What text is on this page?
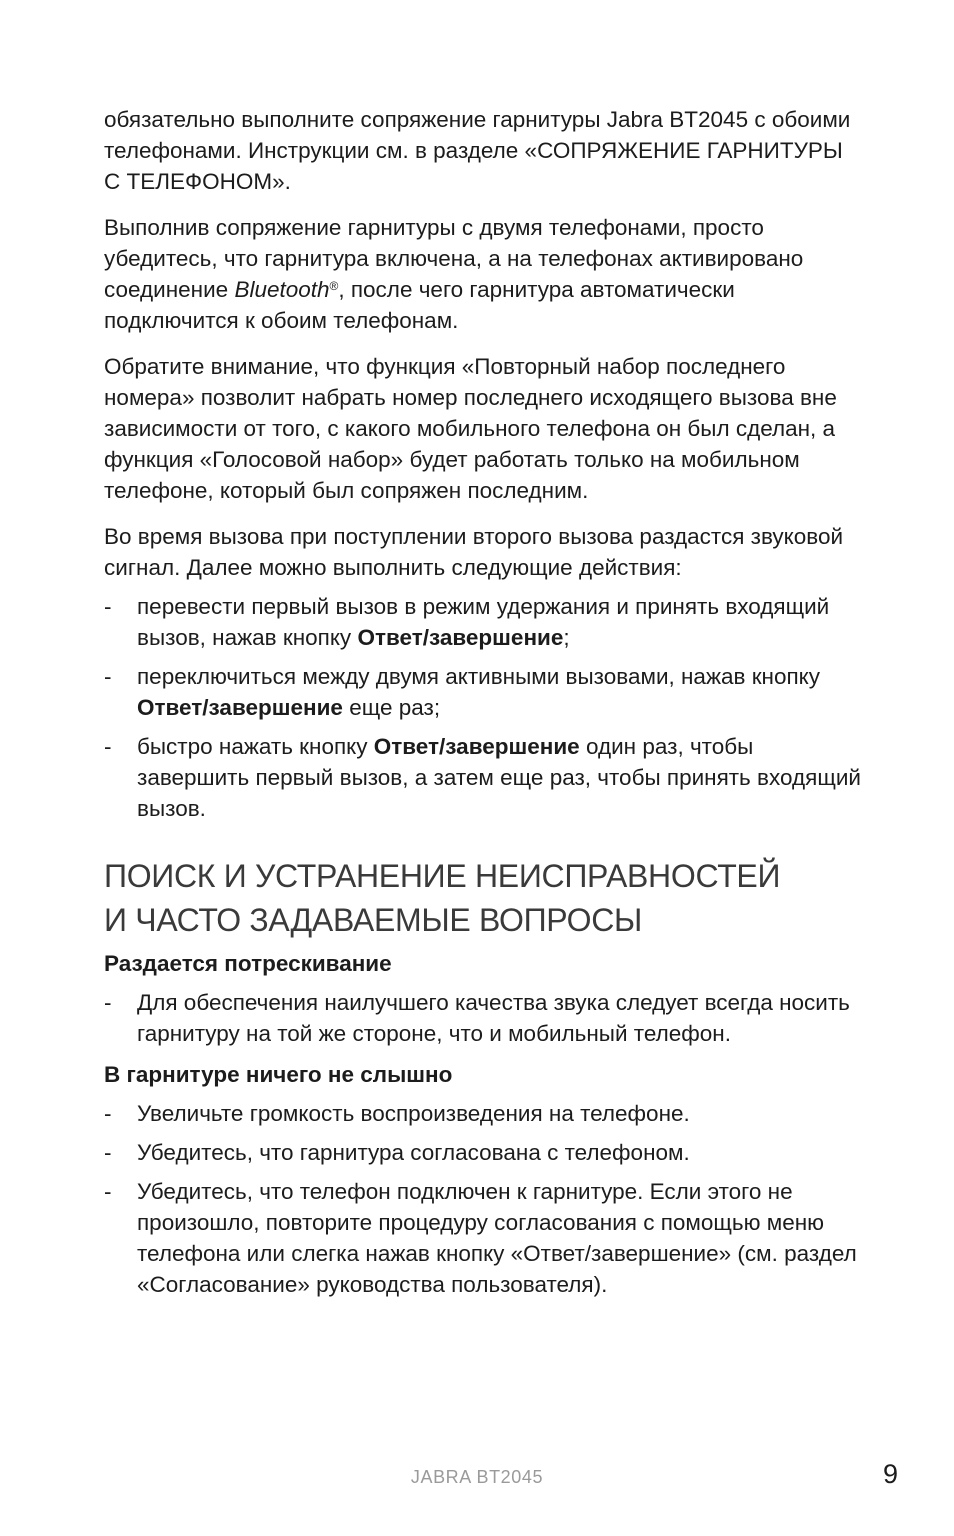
обязательно выполните сопряжение гарнитуры Jabra BT2045 с обоими телефонами. Инструкции см. в разделе «СОПРЯЖЕНИЕ ГАРНИТУРЫ С ТЕЛЕФОНОМ».

Выполнив сопряжение гарнитуры с двумя телефонами, просто убедитесь, что гарнитура включена, а на телефонах активировано соединение Bluetooth®, после чего гарнитура автоматически подключится к обоим телефонам.

Обратите внимание, что функция «Повторный набор последнего номера» позволит набрать номер последнего исходящего вызова вне зависимости от того, с какого мобильного телефона он был сделан, а функция «Голосовой набор» будет работать только на мобильном телефоне, который был сопряжен последним.

Во время вызова при поступлении второго вызова раздастся звуковой сигнал. Далее можно выполнить следующие действия:

- перевести первый вызов в режим удержания и принять входящий вызов, нажав кнопку Ответ/завершение;
- переключиться между двумя активными вызовами, нажав кнопку Ответ/завершение еще раз;
- быстро нажать кнопку Ответ/завершение один раз, чтобы завершить первый вызов, а затем еще раз, чтобы принять входящий вызов.
ПОИСК И УСТРАНЕНИЕ НЕИСПРАВНОСТЕЙ
И ЧАСТО ЗАДАВАЕМЫЕ ВОПРОСЫ
Раздается потрескивание
- Для обеспечения наилучшего качества звука следует всегда носить гарнитуру на той же стороне, что и мобильный телефон.
В гарнитуре ничего не слышно
- Увеличьте громкость воспроизведения на телефоне.
- Убедитесь, что гарнитура согласована с телефоном.
- Убедитесь, что телефон подключен к гарнитуре. Если этого не произошло, повторите процедуру согласования с помощью меню телефона или слегка нажав кнопку «Ответ/завершение» (см. раздел «Согласование» руководства пользователя).
JABRA BT2045	9
